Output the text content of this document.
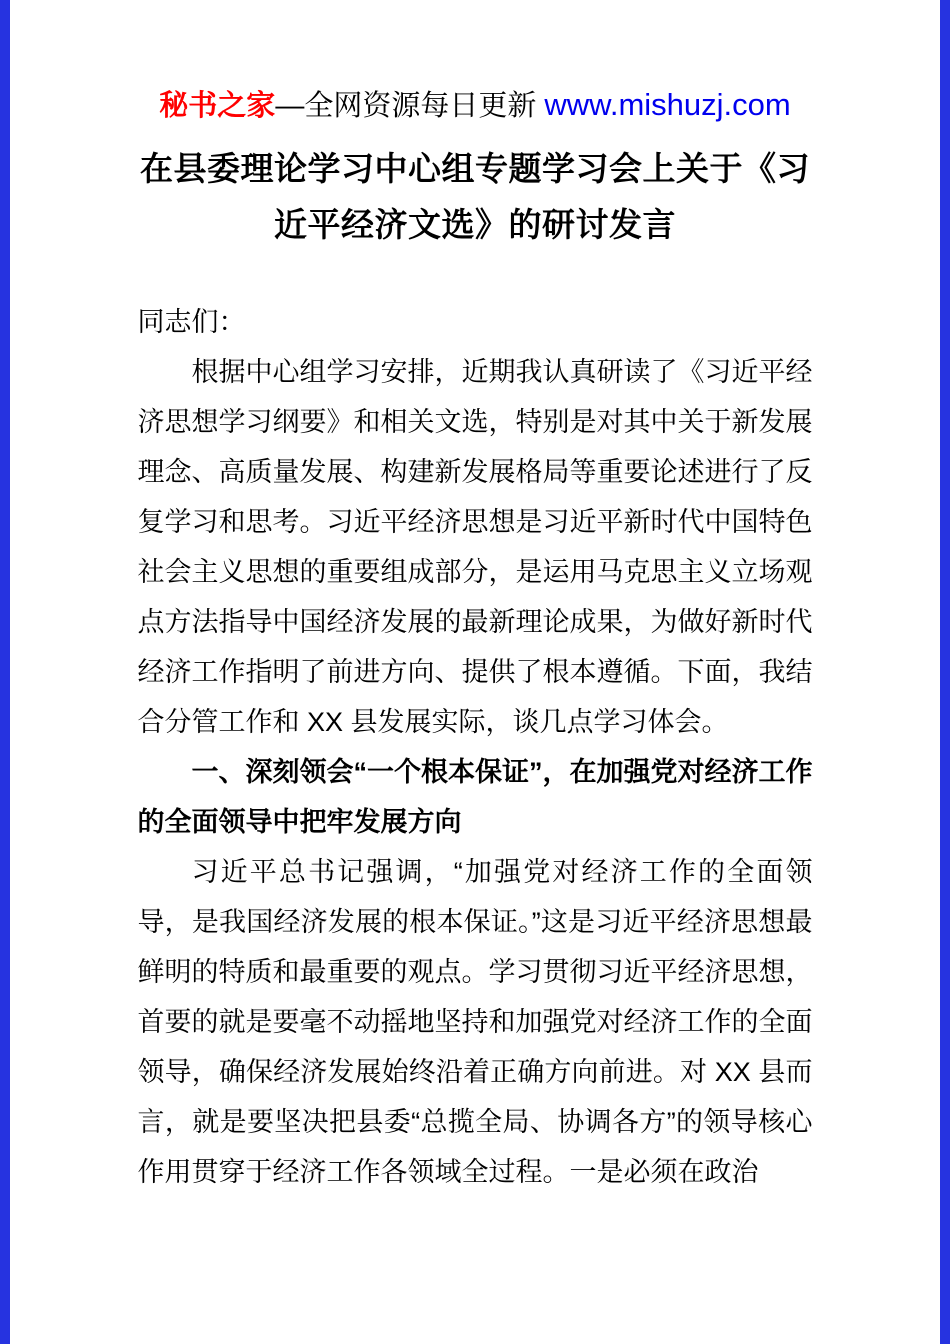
秘书之家—全网资源每日更新 www.mishuzj.com
在县委理论学习中心组专题学习会上关于《习近平经济文选》的研讨发言

同志们：

根据中心组学习安排，近期我认真研读了《习近平经济思想学习纲要》和相关文选，特别是对其中关于新发展理念、高质量发展、构建新发展格局等重要论述进行了反复学习和思考。习近平经济思想是习近平新时代中国特色社会主义思想的重要组成部分，是运用马克思主义立场观点方法指导中国经济发展的最新理论成果，为做好新时代经济工作指明了前进方向、提供了根本遵循。下面，我结合分管工作和 XX 县发展实际，谈几点学习体会。

一、深刻领会“一个根本保证”，在加强党对经济工作的全面领导中把牢发展方向

习近平总书记强调，“加强党对经济工作的全面领导，是我国经济发展的根本保证。”这是习近平经济思想最鲜明的特质和最重要的观点。学习贯彻习近平经济思想，首要的就是要毫不动摇地坚持和加强党对经济工作的全面领导，确保经济发展始终沿着正确方向前进。对 XX 县而言，就是要坚决把县委“总揽全局、协调各方”的领导核心作用贯穿于经济工作各领域全过程。一是必须在政治
